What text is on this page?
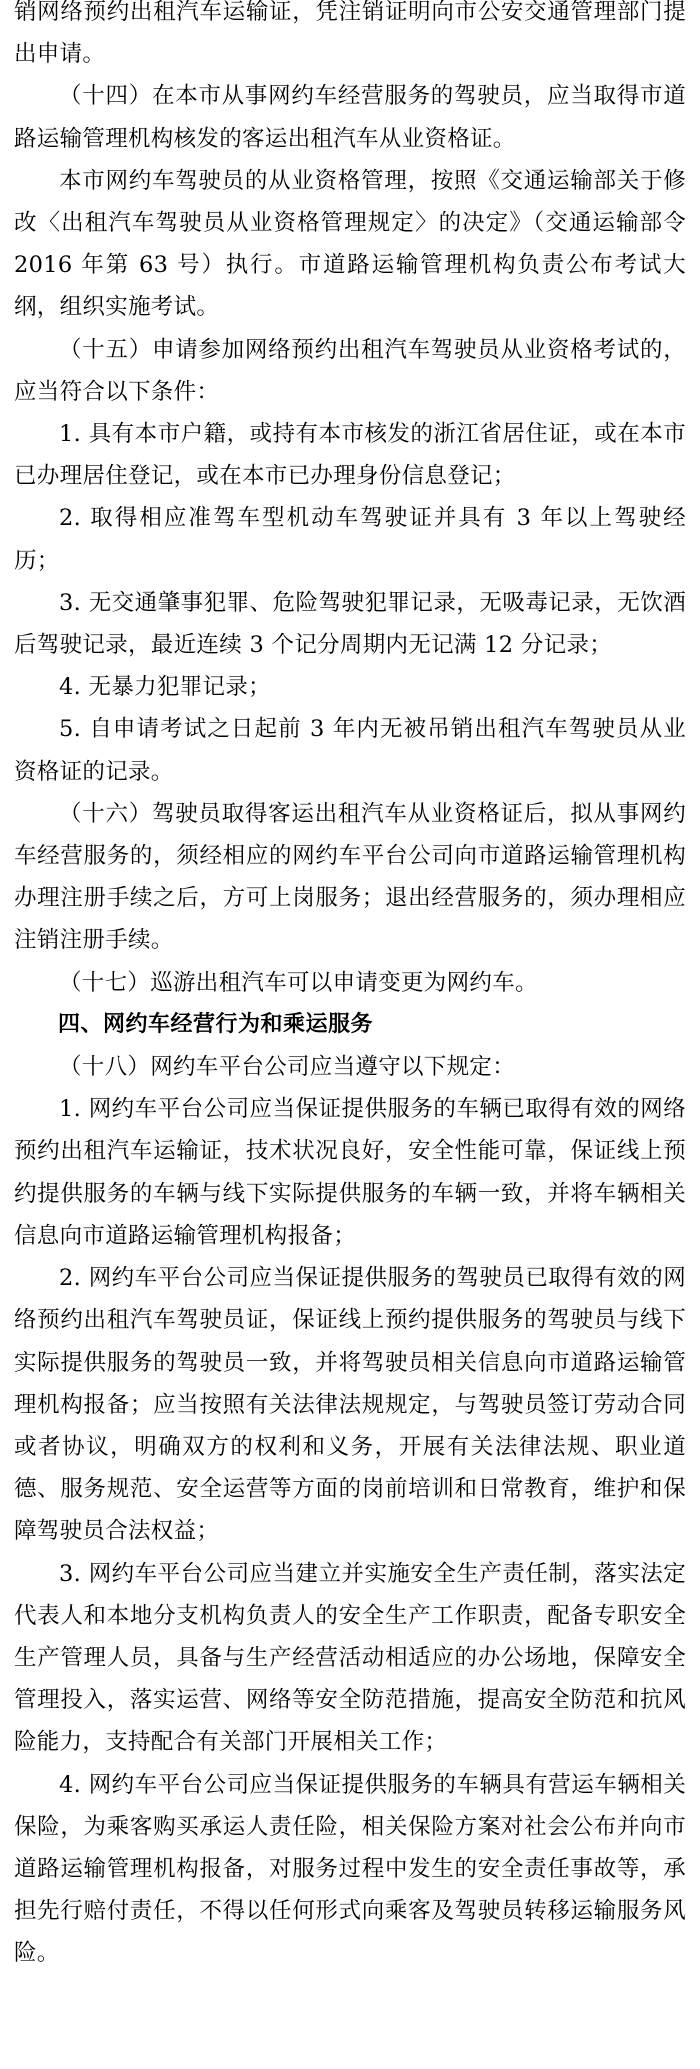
销网络预约出租汽车运输证，凭注销证明向市公安交通管理部门提出申请。

（十四）在本市从事网约车经营服务的驾驶员，应当取得市道路运输管理机构核发的客运出租汽车从业资格证。

本市网约车驾驶员的从业资格管理，按照《交通运输部关于修改〈出租汽车驾驶员从业资格管理规定〉的决定》（交通运输部令 2016 年第 63 号）执行。市道路运输管理机构负责公布考试大纲，组织实施考试。

（十五）申请参加网络预约出租汽车驾驶员从业资格考试的，应当符合以下条件：

1. 具有本市户籍，或持有本市核发的浙江省居住证，或在本市已办理居住登记，或在本市已办理身份信息登记；

2. 取得相应准驾车型机动车驾驶证并具有 3 年以上驾驶经历；

3. 无交通肇事犯罪、危险驾驶犯罪记录，无吸毒记录，无饮酒后驾驶记录，最近连续 3 个记分周期内无记满 12 分记录；

4. 无暴力犯罪记录；

5. 自申请考试之日起前 3 年内无被吊销出租汽车驾驶员从业资格证的记录。

（十六）驾驶员取得客运出租汽车从业资格证后，拟从事网约车经营服务的，须经相应的网约车平台公司向市道路运输管理机构办理注册手续之后，方可上岗服务；退出经营服务的，须办理相应注销注册手续。

（十七）巡游出租汽车可以申请变更为网约车。

四、网约车经营行为和乘运服务

（十八）网约车平台公司应当遵守以下规定：

1. 网约车平台公司应当保证提供服务的车辆已取得有效的网络预约出租汽车运输证，技术状况良好，安全性能可靠，保证线上预约提供服务的车辆与线下实际提供服务的车辆一致，并将车辆相关信息向市道路运输管理机构报备；

2. 网约车平台公司应当保证提供服务的驾驶员已取得有效的网络预约出租汽车驾驶员证，保证线上预约提供服务的驾驶员与线下实际提供服务的驾驶员一致，并将驾驶员相关信息向市道路运输管理机构报备；应当按照有关法律法规规定，与驾驶员签订劳动合同或者协议，明确双方的权利和义务，开展有关法律法规、职业道德、服务规范、安全运营等方面的岗前培训和日常教育，维护和保障驾驶员合法权益；

3. 网约车平台公司应当建立并实施安全生产责任制，落实法定代表人和本地分支机构负责人的安全生产工作职责，配备专职安全生产管理人员，具备与生产经营活动相适应的办公场地，保障安全管理投入，落实运营、网络等安全防范措施，提高安全防范和抗风险能力，支持配合有关部门开展相关工作；

4. 网约车平台公司应当保证提供服务的车辆具有营运车辆相关保险，为乘客购买承运人责任险，相关保险方案对社会公布并向市道路运输管理机构报备，对服务过程中发生的安全责任事故等，承担先行赔付责任，不得以任何形式向乘客及驾驶员转移运输服务风险。
